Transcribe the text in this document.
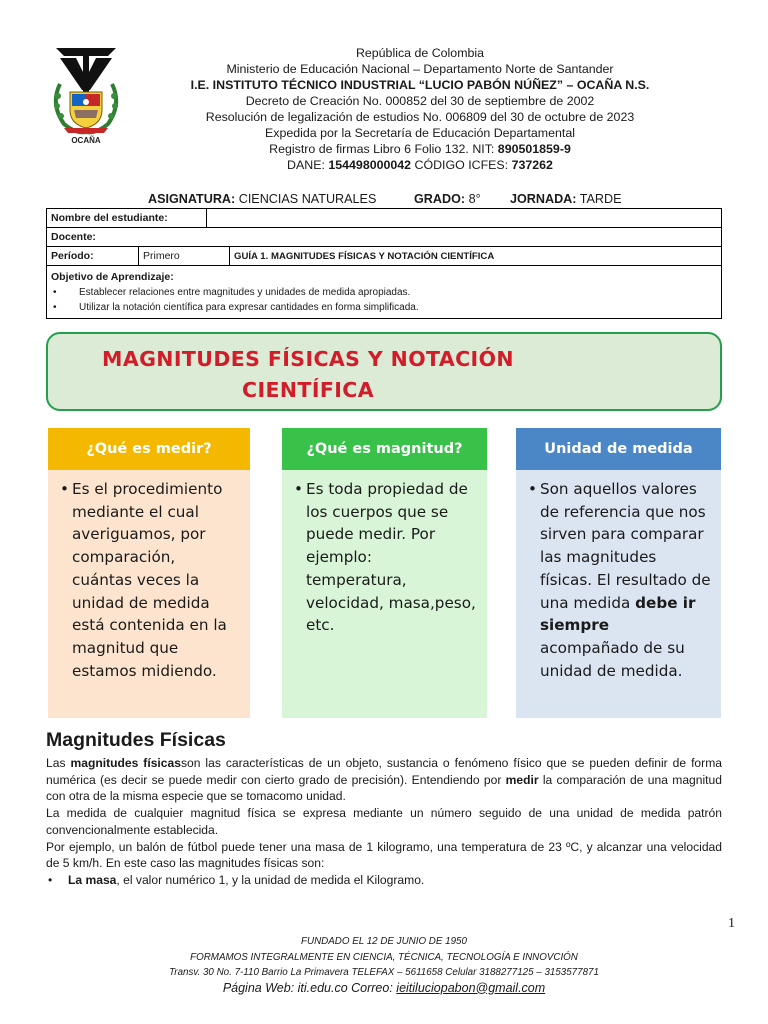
OCAÑA
República de Colombia
Ministerio de Educación Nacional – Departamento Norte de Santander
I.E. INSTITUTO TÉCNICO INDUSTRIAL “LUCIO PABÓN NÚÑEZ” – OCAÑA N.S.
Decreto de Creación No. 000852 del 30 de septiembre de 2002
Resolución de legalización de estudios No. 006809 del 30 de octubre de 2023
Expedida por la Secretaría de Educación Departamental
Registro de firmas Libro 6 Folio 132. NIT: 890501859-9
DANE: 154498000042 CÓDIGO ICFES: 737262
ASIGNATURA: CIENCIAS NATURALES	GRADO: 8° JORNADA: TARDE
Nombre del estudiante:
Docente:
Período:	Primero	GUÍA 1. MAGNITUDES FÍSICAS Y NOTACIÓN CIENTÍFICA
Objetivo de Aprendizaje:
• Establecer relaciones entre magnitudes y unidades de medida apropiadas.
• Utilizar la notación científica para expresar cantidades en forma simplificada.
MAGNITUDES FÍSICAS Y NOTACIÓN
CIENTÍFICA
¿Qué es medir?

• Es el procedimiento mediante el cual averiguamos, por comparación, cuántas veces la unidad de medida está contenida en la magnitud que estamos midiendo.

¿Qué es magnitud?

• Es toda propiedad de los cuerpos que se puede medir. Por ejemplo: temperatura, velocidad, masa,peso, etc.

Unidad de medida

• Son aquellos valores de referencia que nos sirven para comparar las magnitudes físicas. El resultado de una medida debe ir siempre acompañado de su unidad de medida.

Magnitudes Físicas

Las magnitudes físicasson las características de un objeto, sustancia o fenómeno físico que se pueden definir de forma numérica (es decir se puede medir con cierto grado de precisión). Entendiendo por medir la comparación de una magnitud con otra de la misma especie que se tomacomo unidad.

La medida de cualquier magnitud física se expresa mediante un número seguido de una unidad de medida patrón convencionalmente establecida.

Por ejemplo, un balón de fútbol puede tener una masa de 1 kilogramo, una temperatura de 23 ºC, y alcanzar una velocidad de 5 km/h. En este caso las magnitudes físicas son:

• La masa, el valor numérico 1, y la unidad de medida el Kilogramo.

1
FUNDADO EL 12 DE JUNIO DE 1950
FORMAMOS INTEGRALMENTE EN CIENCIA, TÉCNICA, TECNOLOGÍA E INNOVCIÓN
Transv. 30 No. 7-110 Barrio La Primavera TELEFAX – 5611658 Celular 3188277125 – 3153577871
Página Web: iti.edu.co Correo: ieitiluciopabon@gmail.com
